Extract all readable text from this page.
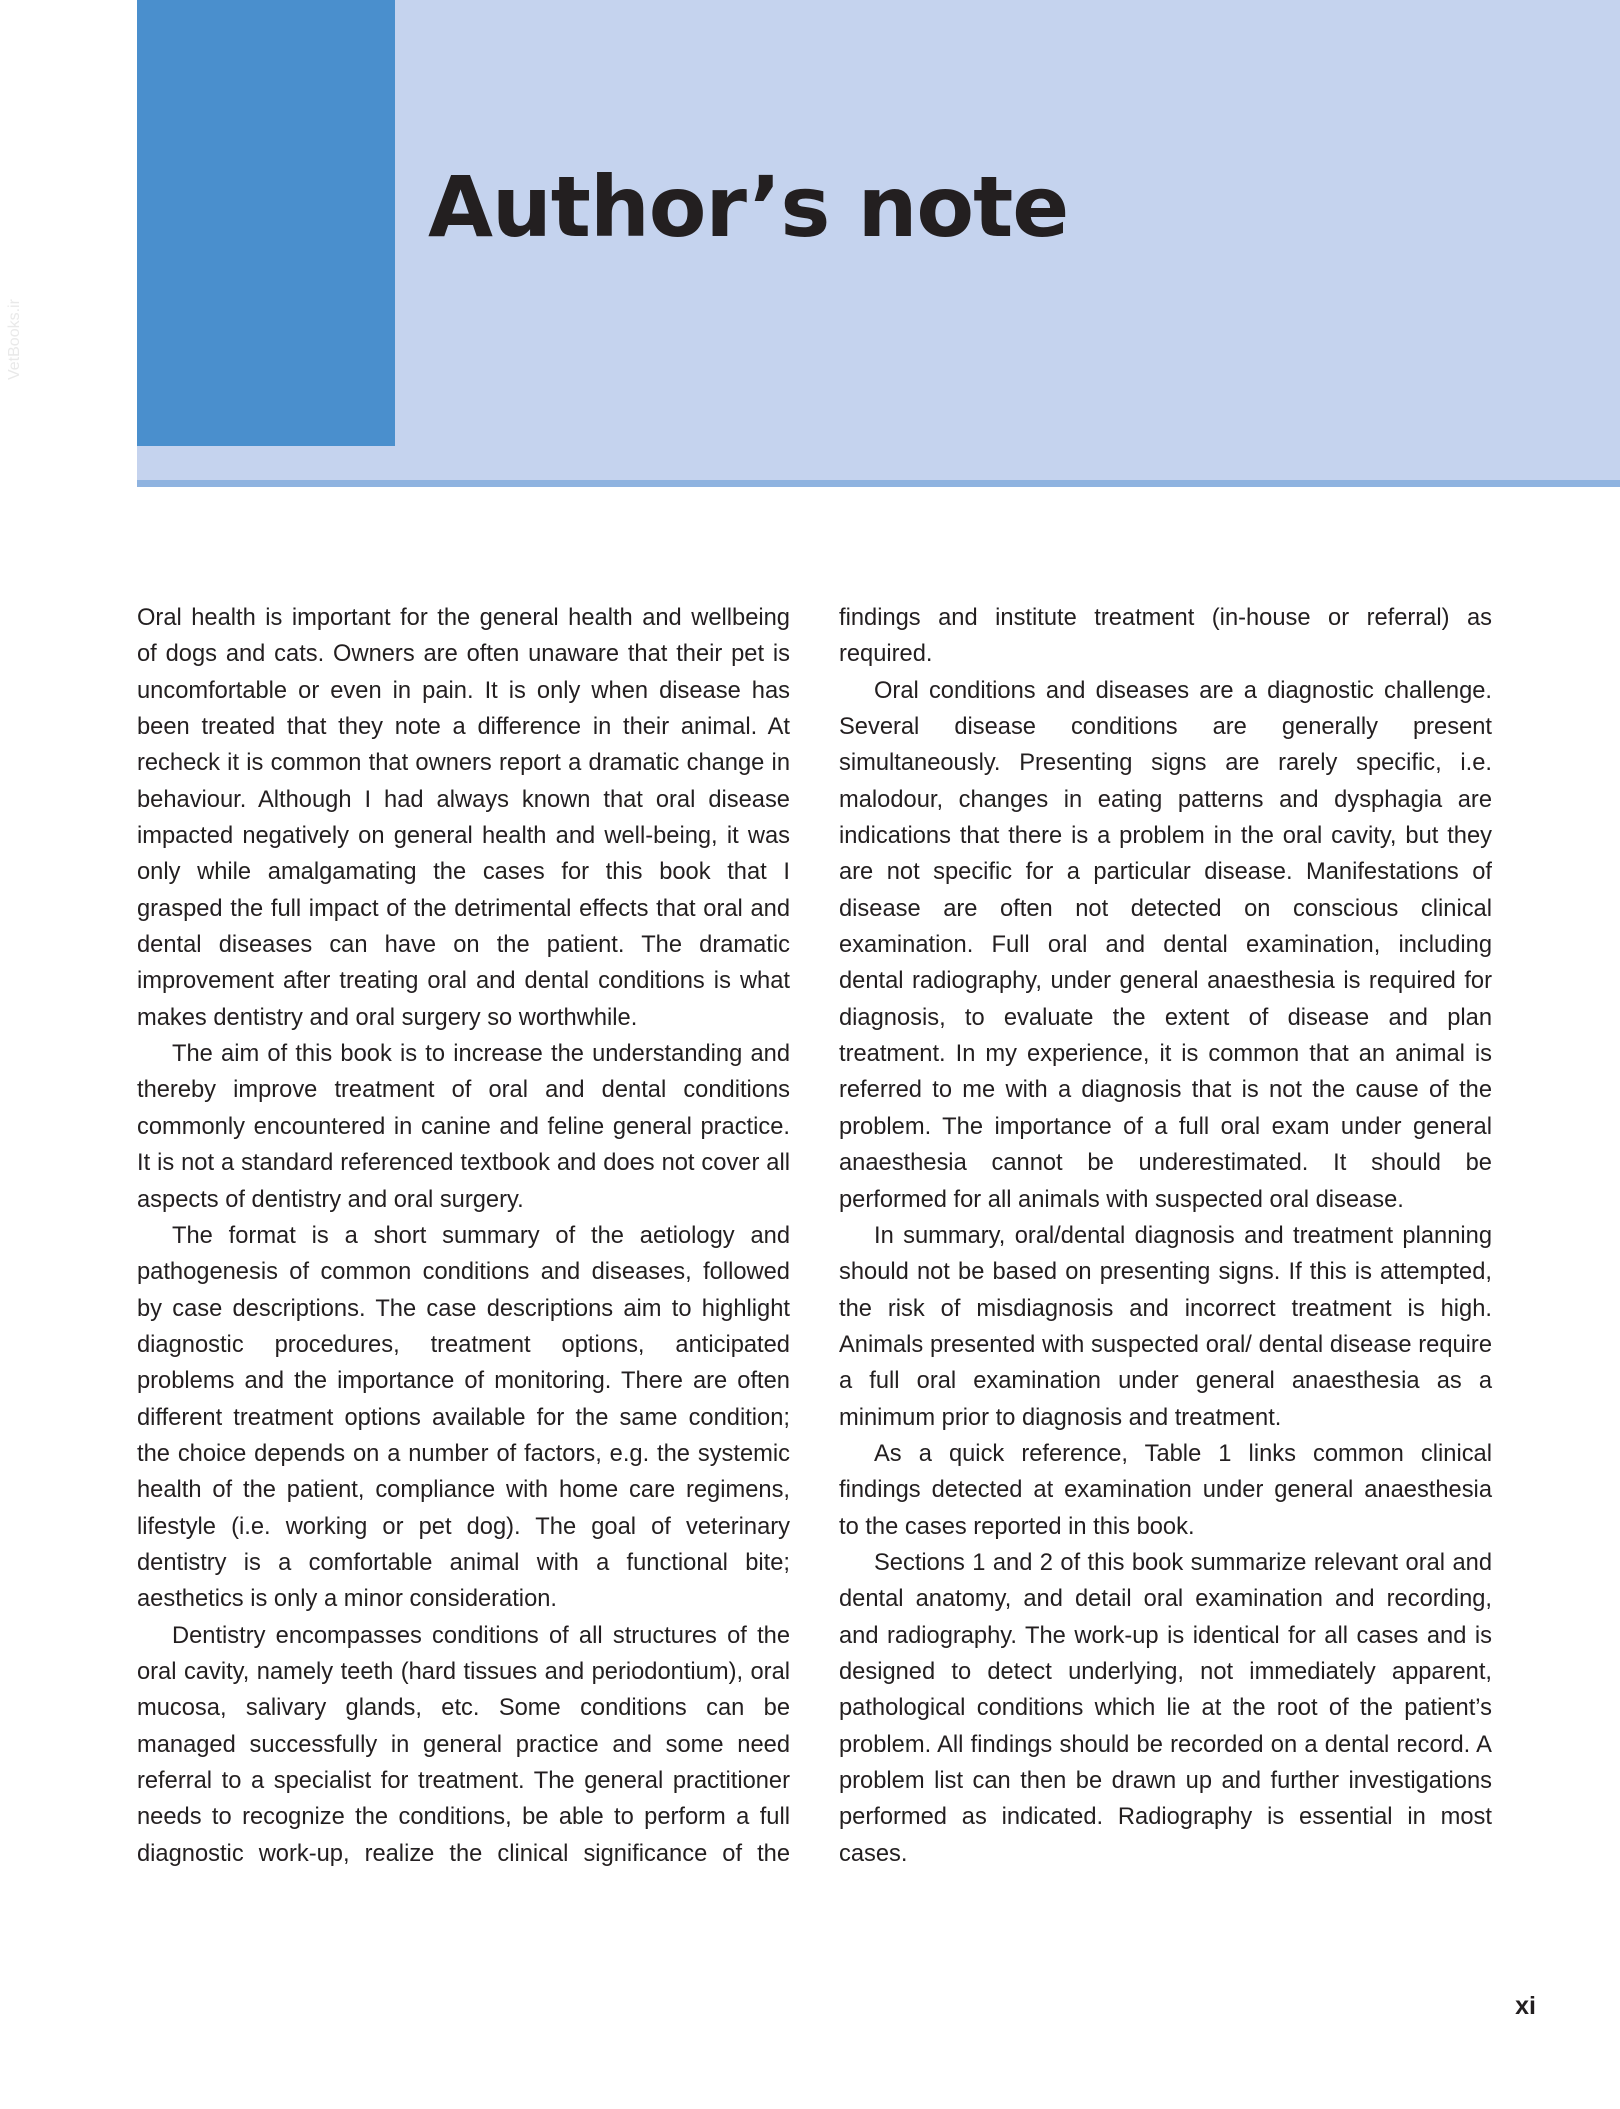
VetBooks.ir
Author’s note

Oral health is important for the general health and wellbeing of dogs and cats. Owners are often unaware that their pet is uncomfortable or even in pain. It is only when disease has been treated that they note a difference in their animal. At recheck it is common that owners report a dramatic change in behaviour. Although I had always known that oral disease impacted negatively on general health and well-being, it was only while amalgamating the cases for this book that I grasped the full impact of the detrimental effects that oral and dental diseases can have on the patient. The dramatic improvement after treating oral and dental conditions is what makes dentistry and oral surgery so worthwhile.

The aim of this book is to increase the understanding and thereby improve treatment of oral and dental conditions commonly encountered in canine and feline general practice. It is not a standard referenced textbook and does not cover all aspects of dentistry and oral surgery.

The format is a short summary of the aetiology and pathogenesis of common conditions and diseases, followed by case descriptions. The case descriptions aim to highlight diagnostic procedures, treatment options, anticipated problems and the importance of monitoring. There are often different treatment options available for the same condition; the choice depends on a number of factors, e.g. the systemic health of the patient, compliance with home care regimens, lifestyle (i.e. working or pet dog). The goal of veterinary dentistry is a comfortable animal with a functional bite; aesthetics is only a minor consideration.

Dentistry encompasses conditions of all structures of the oral cavity, namely teeth (hard tissues and periodontium), oral mucosa, salivary glands, etc. Some conditions can be managed successfully in general practice and some need referral to a specialist for treatment. The general practitioner needs to recognize the conditions, be able to perform a full diagnostic work-up, realize the clinical significance of the findings and institute treatment (in-house or referral) as required.

Oral conditions and diseases are a diagnostic challenge. Several disease conditions are generally present simultaneously. Presenting signs are rarely specific, i.e. malodour, changes in eating patterns and dysphagia are indications that there is a problem in the oral cavity, but they are not specific for a particular disease. Manifestations of disease are often not detected on conscious clinical examination. Full oral and dental examination, including dental radiography, under general anaesthesia is required for diagnosis, to evaluate the extent of disease and plan treatment. In my experience, it is common that an animal is referred to me with a diagnosis that is not the cause of the problem. The importance of a full oral exam under general anaesthesia cannot be underestimated. It should be performed for all animals with suspected oral disease.

In summary, oral/dental diagnosis and treatment planning should not be based on presenting signs. If this is attempted, the risk of misdiagnosis and incorrect treatment is high. Animals presented with suspected oral/ dental disease require a full oral examination under general anaesthesia as a minimum prior to diagnosis and treatment.

As a quick reference, Table 1 links common clinical findings detected at examination under general anaesthesia to the cases reported in this book.

Sections 1 and 2 of this book summarize relevant oral and dental anatomy, and detail oral examination and recording, and radiography. The work-up is identical for all cases and is designed to detect underlying, not immediately apparent, pathological conditions which lie at the root of the patient’s problem. All findings should be recorded on a dental record. A problem list can then be drawn up and further investigations performed as indicated. Radiography is essential in most cases.

xi
